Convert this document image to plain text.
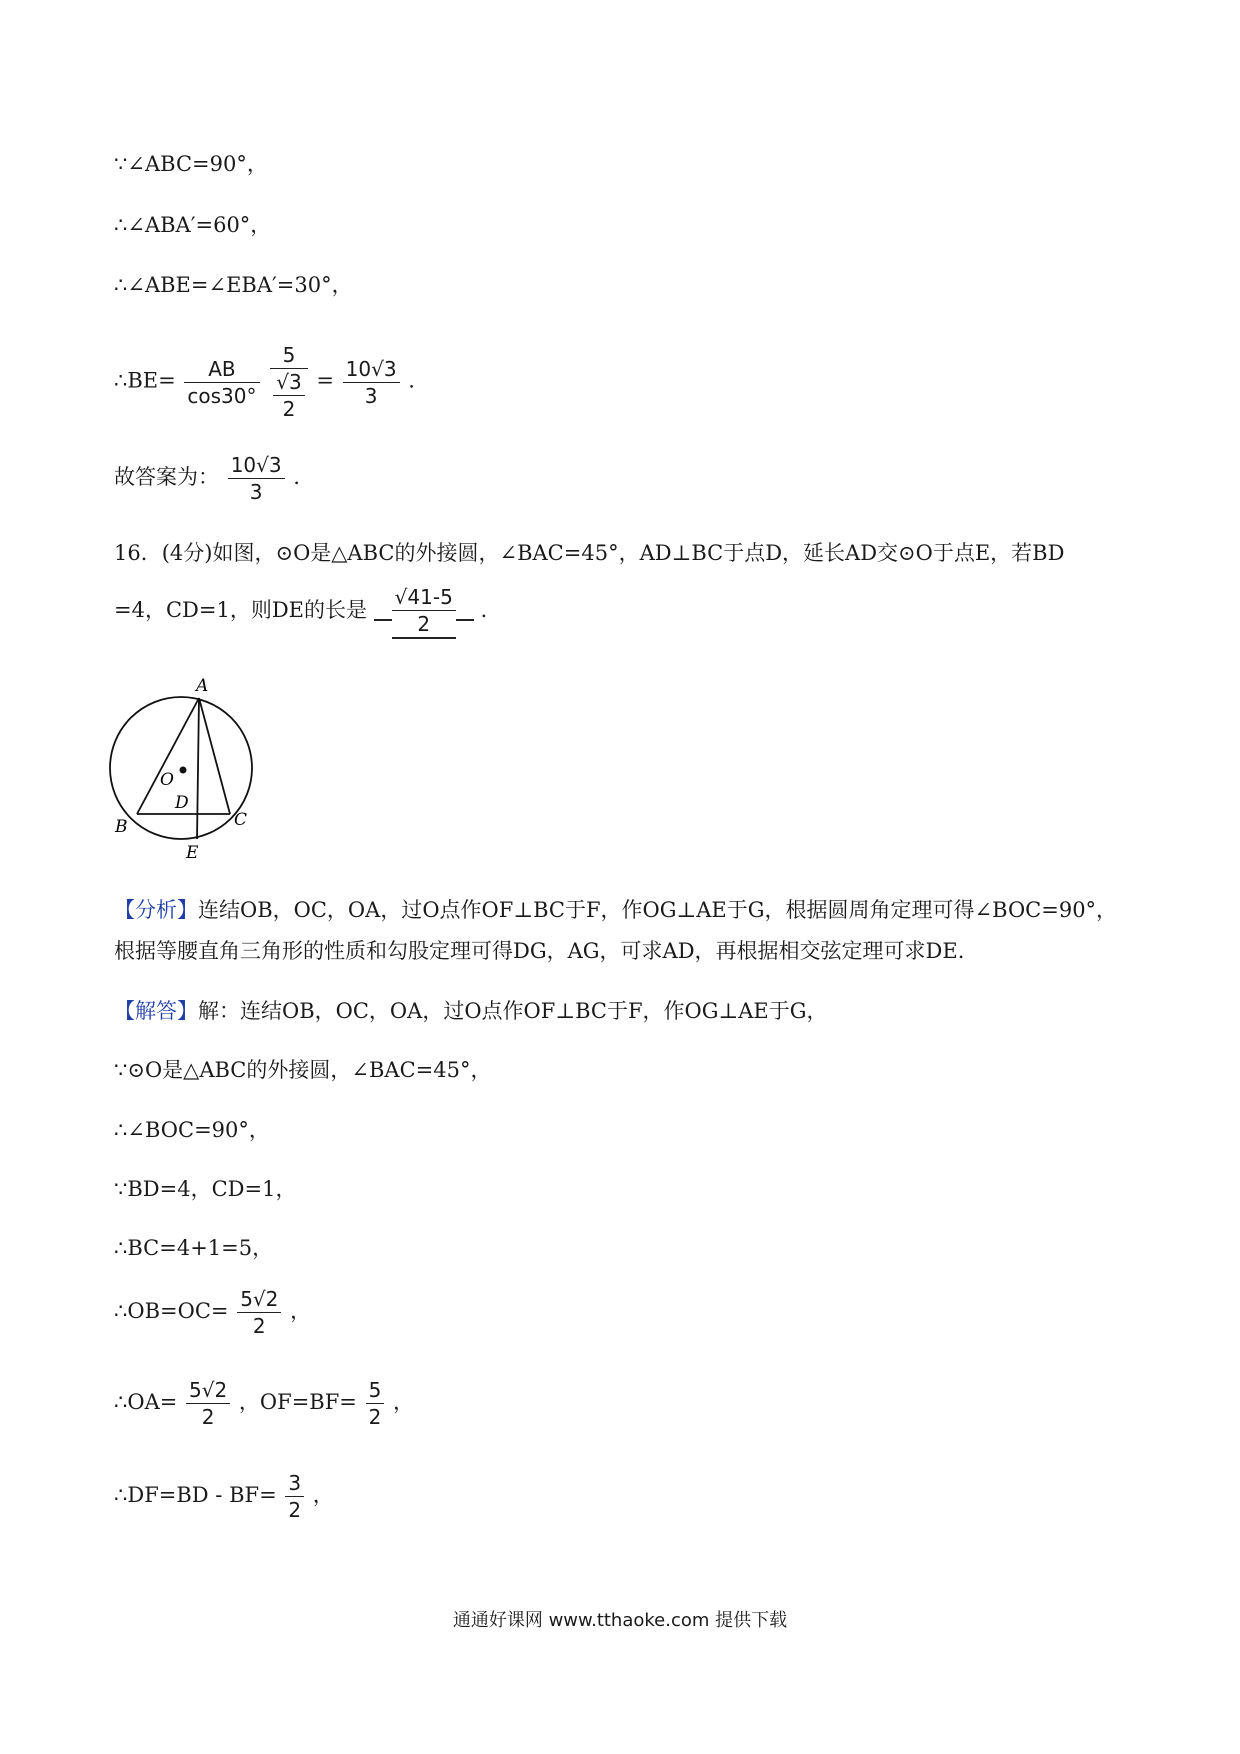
∵∠ABC=90°，
∴∠ABA′=60°，
∴∠ABE=∠EBA′=30°，
∴BE= $\frac{AB}{\cos 30^\circ}$
$\frac{5}{\frac{√3}{2}} = \frac{10√3}{3}$ .
故答案为： $\frac{10√3}{3}$ .
16．(4分)如图，⊙O是△ABC的外接圆，∠BAC=45°，AD⊥BC于点D，延长AD交⊙O于点E，若BD
=4，CD=1，则DE的长是 $\frac{√41-5}{2}$ .
A
O
D
B	C
E
【分析】连结OB，OC，OA，过O点作OF⊥BC于F，作OG⊥AE于G，根据圆周角定理可得∠BOC=90°，
根据等腰直角三角形的性质和勾股定理可得DG，AG，可求AD，再根据相交弦定理可求DE.
【解答】解：连结OB，OC，OA，过O点作OF⊥BC于F，作OG⊥AE于G，
∵⊙O是△ABC的外接圆，∠BAC=45°，
∴∠BOC=90°，
∵BD=4，CD=1，
∴BC=4+1=5，
∴OB=OC= $\frac{5√2}{2}$ ，
∴OA= $\frac{5√2}{2}$ ，$OF=BF= \frac{5}{2}$ ，
∴DF=BD - $BF= \frac{3}{2}$ ，
通通好课网 www.tthaoke.com 提供下载
